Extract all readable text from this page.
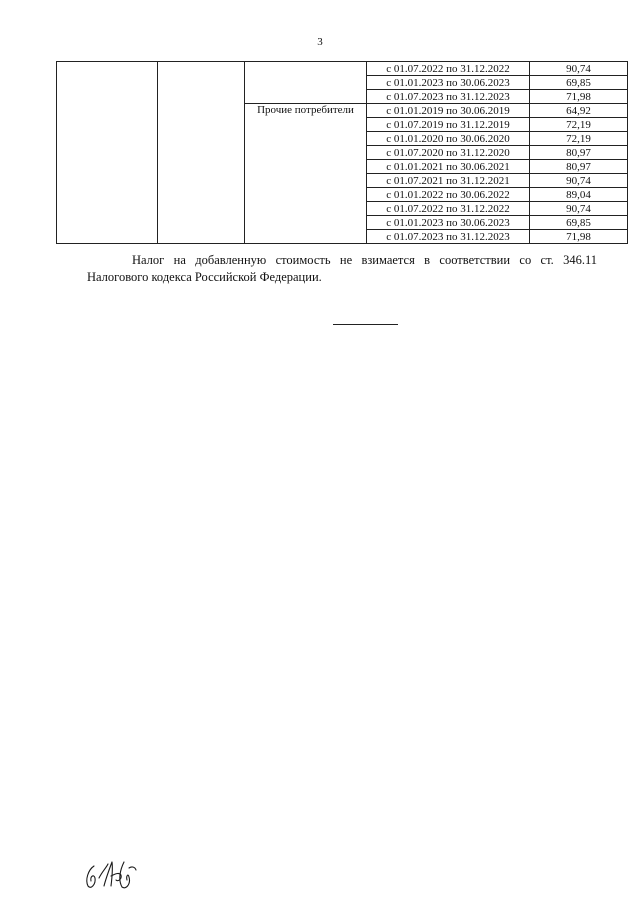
3
			с 01.07.2022 по 31.12.2022	90,74
			с 01.01.2023 по 30.06.2023	69,85
			с 01.07.2023 по 31.12.2023	71,98
		Прочие потребители	с 01.01.2019 по 30.06.2019	64,92
			с 01.07.2019 по 31.12.2019	72,19
			с 01.01.2020 по 30.06.2020	72,19
			с 01.07.2020 по 31.12.2020	80,97
			с 01.01.2021 по 30.06.2021	80,97
			с 01.07.2021 по 31.12.2021	90,74
			с 01.01.2022 по 30.06.2022	89,04
			с 01.07.2022 по 31.12.2022	90,74
			с 01.01.2023 по 30.06.2023	69,85
			с 01.07.2023 по 31.12.2023	71,98

Налог на добавленную стоимость не взимается в соответствии со ст. 346.11 Налогового кодекса Российской Федерации.
